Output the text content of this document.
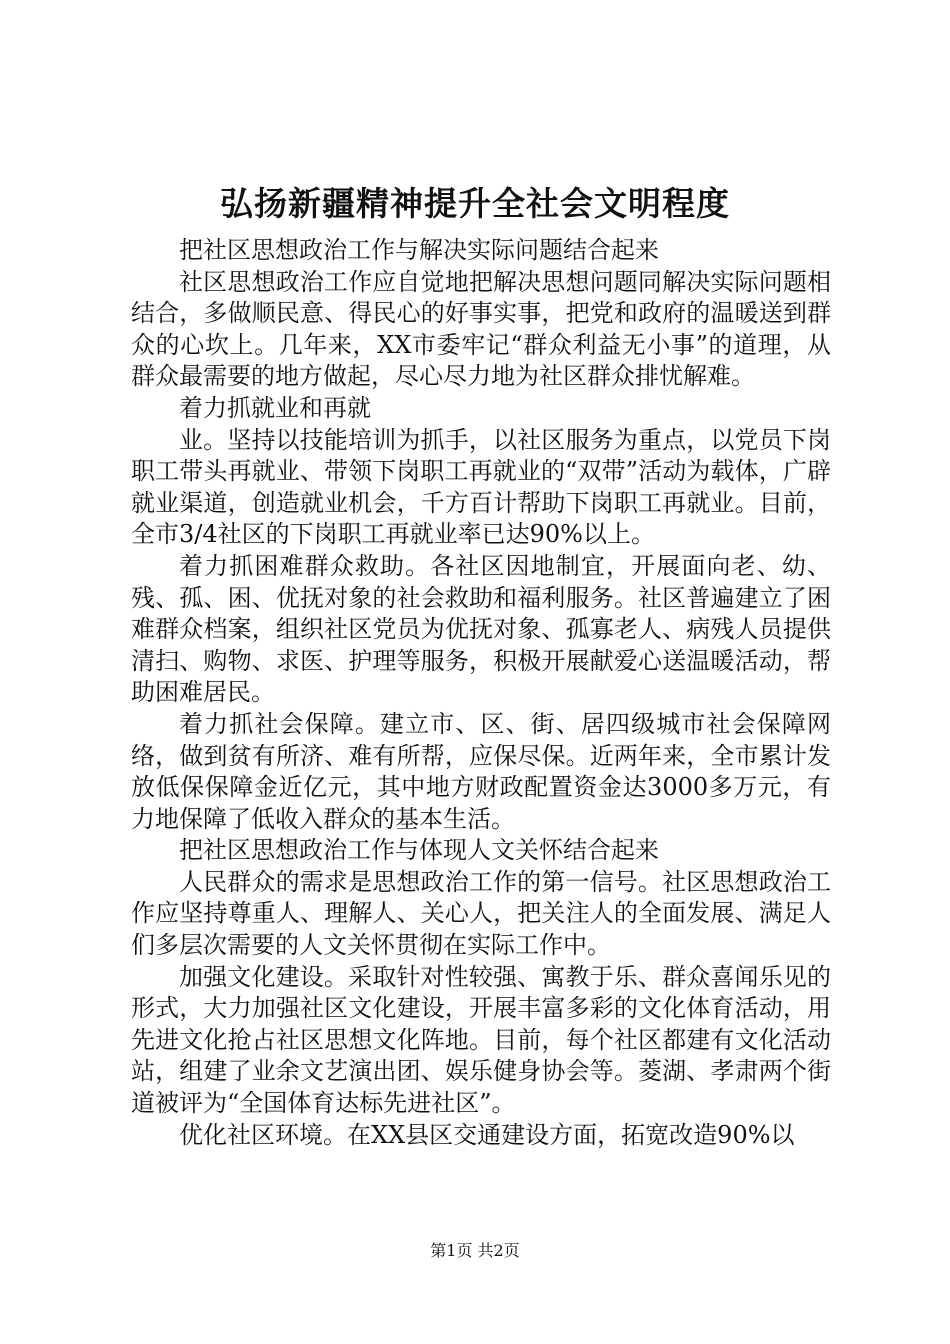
弘扬新疆精神提升全社会文明程度

把社区思想政治工作与解决实际问题结合起来

社区思想政治工作应自觉地把解决思想问题同解决实际问题相结合，多做顺民意、得民心的好事实事，把党和政府的温暖送到群众的心坎上。几年来，XX市委牢记“群众利益无小事”的道理，从群众最需要的地方做起，尽心尽力地为社区群众排忧解难。

着力抓就业和再就

业。坚持以技能培训为抓手，以社区服务为重点，以党员下岗职工带头再就业、带领下岗职工再就业的“双带”活动为载体，广辟就业渠道，创造就业机会，千方百计帮助下岗职工再就业。目前，全市3/4社区的下岗职工再就业率已达90%以上。

着力抓困难群众救助。各社区因地制宜，开展面向老、幼、残、孤、困、优抚对象的社会救助和福利服务。社区普遍建立了困难群众档案，组织社区党员为优抚对象、孤寡老人、病残人员提供清扫、购物、求医、护理等服务，积极开展献爱心送温暖活动，帮助困难居民。

着力抓社会保障。建立市、区、街、居四级城市社会保障网络，做到贫有所济、难有所帮，应保尽保。近两年来，全市累计发放低保保障金近亿元，其中地方财政配置资金达3000多万元，有力地保障了低收入群众的基本生活。

把社区思想政治工作与体现人文关怀结合起来

人民群众的需求是思想政治工作的第一信号。社区思想政治工作应坚持尊重人、理解人、关心人，把关注人的全面发展、满足人们多层次需要的人文关怀贯彻在实际工作中。

加强文化建设。采取针对性较强、寓教于乐、群众喜闻乐见的形式，大力加强社区文化建设，开展丰富多彩的文化体育活动，用先进文化抢占社区思想文化阵地。目前，每个社区都建有文化活动站，组建了业余文艺演出团、娱乐健身协会等。菱湖、孝肃两个街道被评为“全国体育达标先进社区”。

优化社区环境。在XX县区交通建设方面，拓宽改造90%以

第1页 共2页
